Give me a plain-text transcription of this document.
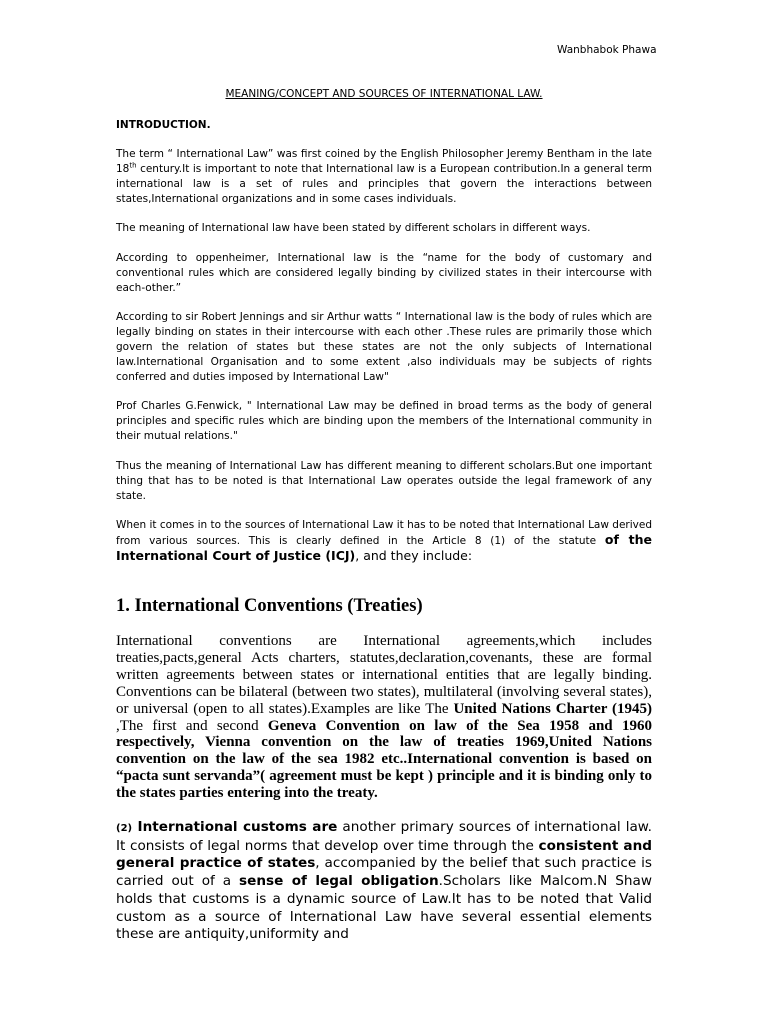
Wanbhabok Phawa
MEANING/CONCEPT AND SOURCES OF INTERNATIONAL LAW.

INTRODUCTION.

The term “ International Law” was first coined by the English Philosopher Jeremy Bentham in the late 18th century.It is important to note that International law is a European contribution.In a general term international law is a set of rules and principles that govern the interactions between states,International organizations and in some cases individuals.

The meaning of International law have been stated by different scholars in different ways.

According to oppenheimer, International law is the “name for the body of customary and conventional rules which are considered legally binding by civilized states in their intercourse with each-other.”

According to sir Robert Jennings and sir Arthur watts “ International law is the body of rules which are legally binding on states in their intercourse with each other .These rules are primarily those which govern the relation of states but these states are not the only subjects of International law.International Organisation and to some extent ,also individuals may be subjects of rights conferred and duties imposed by International Law"

Prof Charles G.Fenwick, " International Law may be defined in broad terms as the body of general principles and specific rules which are binding upon the members of the International community in their mutual relations."

Thus the meaning of International Law has different meaning to different scholars.But one important thing that has to be noted is that International Law operates outside the legal framework of any state.

When it comes in to the sources of International Law it has to be noted that International Law derived from various sources. This is clearly defined in the Article 8 (1) of the statute of the International Court of Justice (ICJ), and they include:

1. International Conventions (Treaties)

International conventions are International agreements,which includes treaties,pacts,general Acts charters, statutes,declaration,covenants, these are formal written agreements between states or international entities that are legally binding. Conventions can be bilateral (between two states), multilateral (involving several states), or universal (open to all states).Examples are like The United Nations Charter (1945) ,The first and second Geneva Convention on law of the Sea 1958 and 1960 respectively, Vienna convention on the law of treaties 1969,United Nations convention on the law of the sea 1982 etc..International convention is based on “pacta sunt servanda”( agreement must be kept ) principle and it is binding only to the states parties entering into the treaty.

(2) International customs are another primary sources of international law. It consists of legal norms that develop over time through the consistent and general practice of states, accompanied by the belief that such practice is carried out of a sense of legal obligation.Scholars like Malcom.N Shaw holds that customs is a dynamic source of Law.It has to be noted that Valid custom as a source of International Law have several essential elements these are antiquity,uniformity and
